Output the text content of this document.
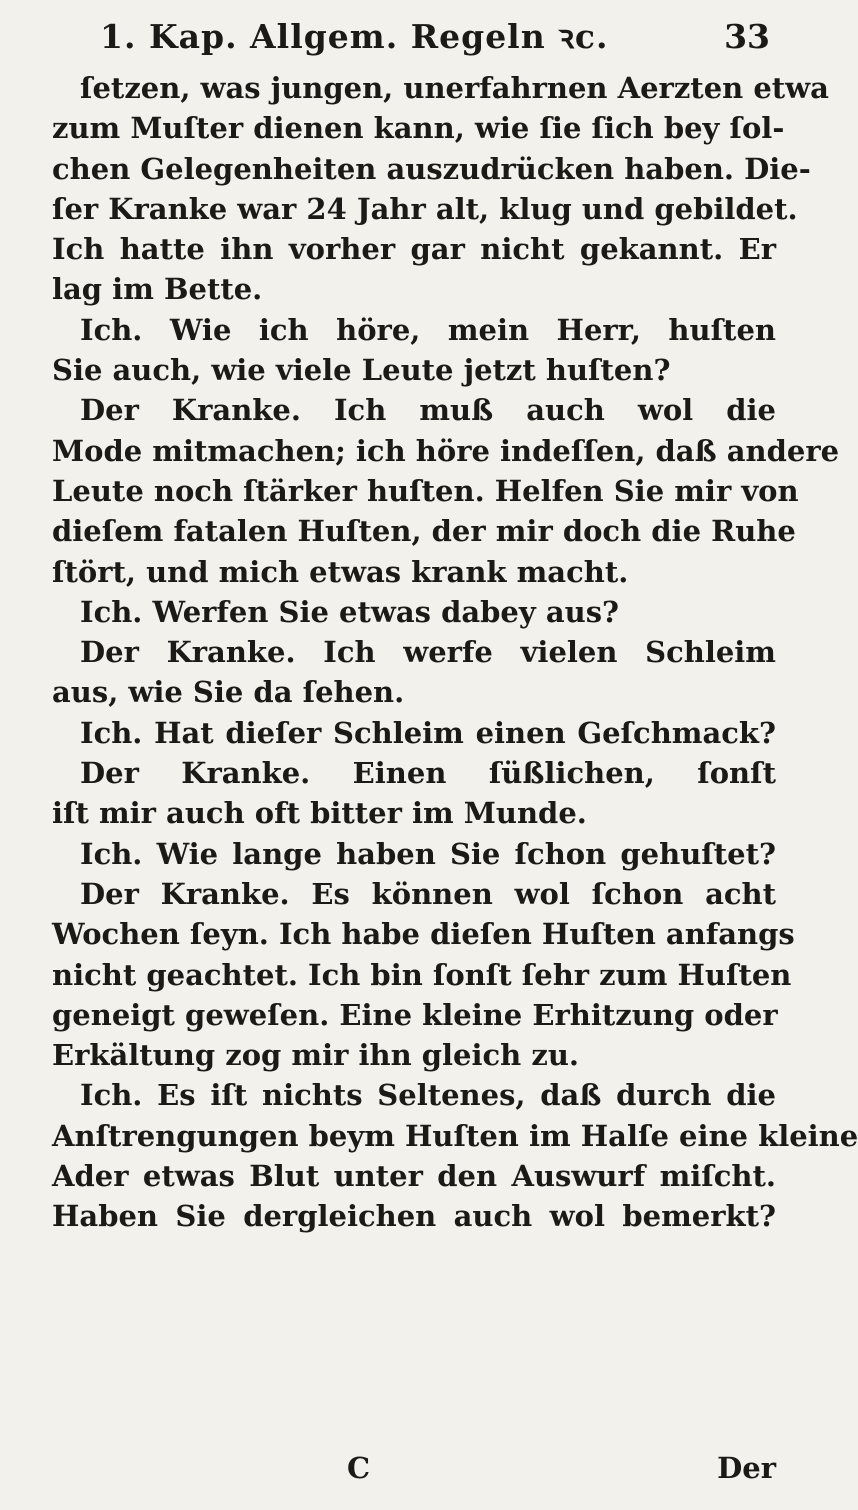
1. Kap. Allgem. Regeln ꝛc.	33
ſetzen, was jungen, unerfahrnen Aerzten etwa
zum Muſter dienen kann, wie ſie ſich bey ſol-
chen Gelegenheiten auszudrücken haben. Die-
ſer Kranke war 24 Jahr alt, klug und gebildet.
Ich hatte ihn vorher gar nicht gekannt. Er
lag im Bette.
Ich. Wie ich höre, mein Herr, huſten
Sie auch, wie viele Leute jetzt huſten?
Der Kranke. Ich muß auch wol die
Mode mitmachen; ich höre indeſſen, daß andere
Leute noch ſtärker huſten. Helfen Sie mir von
dieſem fatalen Huſten, der mir doch die Ruhe
ſtört, und mich etwas krank macht.
Ich. Werfen Sie etwas dabey aus?
Der Kranke. Ich werfe vielen Schleim
aus, wie Sie da ſehen.
Ich. Hat dieſer Schleim einen Geſchmack?
Der Kranke. Einen ſüßlichen, ſonſt
iſt mir auch oft bitter im Munde.
Ich. Wie lange haben Sie ſchon gehuſtet?
Der Kranke. Es können wol ſchon acht
Wochen ſeyn. Ich habe dieſen Huſten anfangs
nicht geachtet. Ich bin ſonſt ſehr zum Huſten
geneigt geweſen. Eine kleine Erhitzung oder
Erkältung zog mir ihn gleich zu.
Ich. Es iſt nichts Seltenes, daß durch die
Anſtrengungen beym Huſten im Halſe eine kleine
Ader etwas Blut unter den Auswurf miſcht.
Haben Sie dergleichen auch wol bemerkt?
C	Der
